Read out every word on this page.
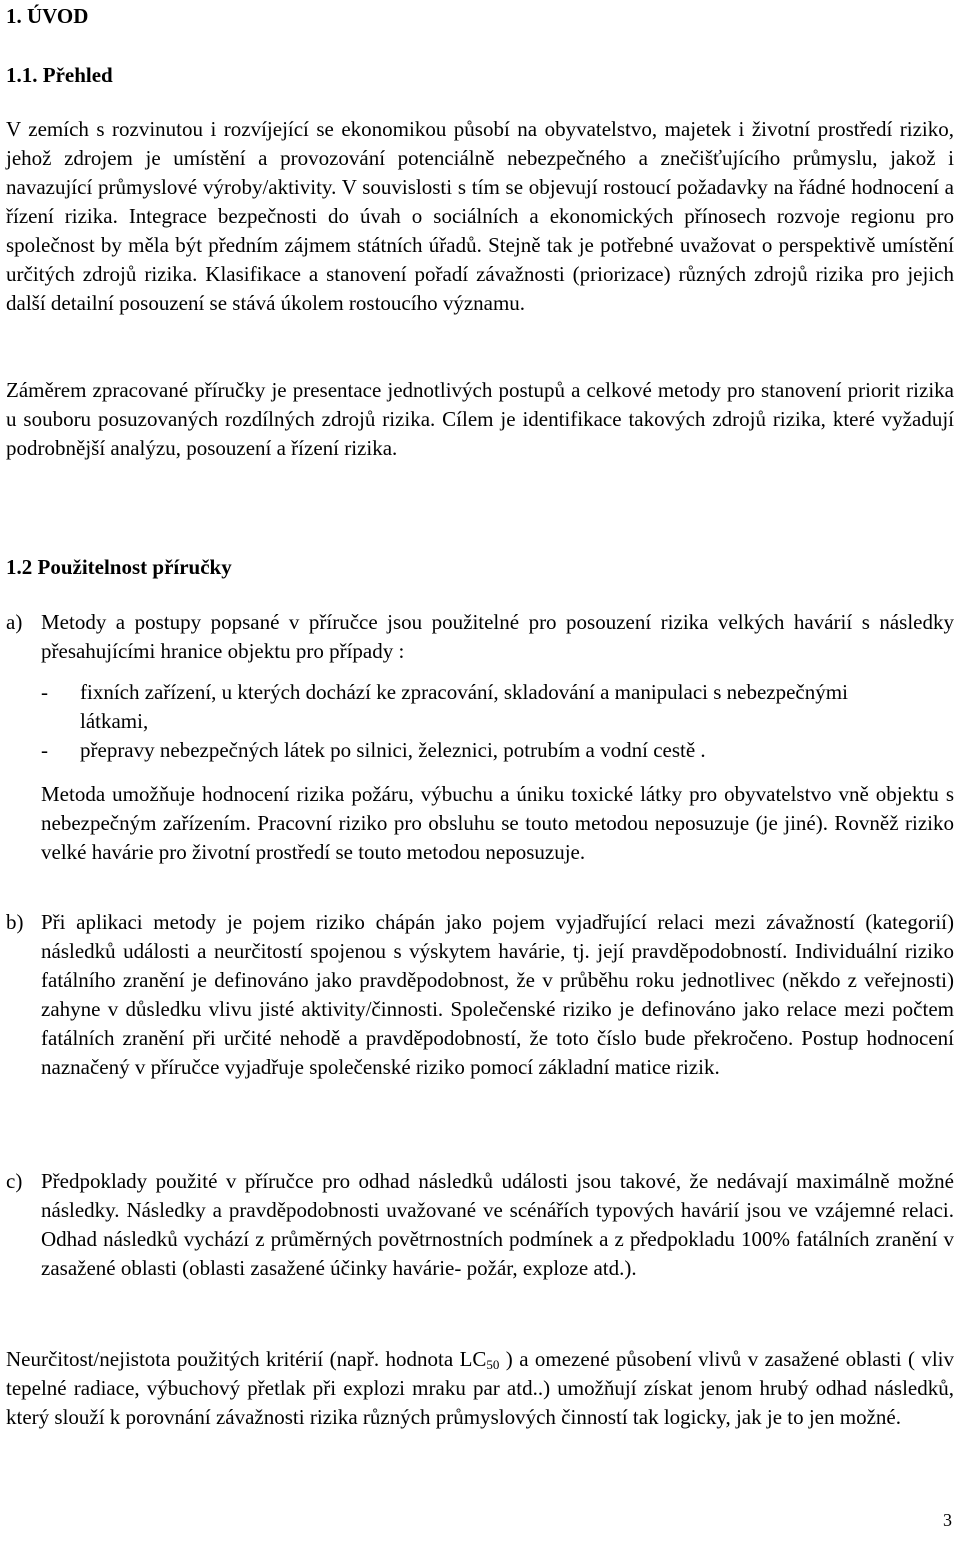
1. ÚVOD
1.1. Přehled

V zemích s rozvinutou i rozvíjející se ekonomikou působí na obyvatelstvo, majetek i životní prostředí riziko, jehož zdrojem je umístění a provozování potenciálně nebezpečného a znečišťujícího průmyslu, jakož i navazující průmyslové výroby/aktivity. V souvislosti s tím se objevují rostoucí požadavky na řádné hodnocení a řízení rizika. Integrace bezpečnosti do úvah o sociálních a ekonomických přínosech rozvoje regionu pro společnost by měla být předním zájmem státních úřadů. Stejně tak je potřebné uvažovat o perspektivě umístění určitých zdrojů rizika. Klasifikace a stanovení pořadí závažnosti (priorizace) různých zdrojů rizika pro jejich další detailní posouzení se stává úkolem rostoucího významu.

Záměrem zpracované příručky je presentace jednotlivých postupů a celkové metody pro stanovení priorit rizika u souboru posuzovaných rozdílných zdrojů rizika. Cílem je identifikace takových zdrojů rizika, které vyžadují podrobnější analýzu, posouzení a řízení rizika.

1.2 Použitelnost příručky
a) Metody a postupy popsané v příručce jsou použitelné pro posouzení rizika velkých havárií s následky přesahujícími hranice objektu pro případy :

- fixních zařízení, u kterých dochází ke zpracování, skladování a manipulaci s nebezpečnými látkami,

- přepravy nebezpečných látek po silnici, železnici, potrubím a vodní cestě .

Metoda umožňuje hodnocení rizika požáru, výbuchu a úniku toxické látky pro obyvatelstvo vně objektu s nebezpečným zařízením. Pracovní riziko pro obsluhu se touto metodou neposuzuje (je jiné). Rovněž riziko velké havárie pro životní prostředí se touto metodou neposuzuje.

b) Při aplikaci metody je pojem riziko chápán jako pojem vyjadřující relaci mezi závažností (kategorií) následků události a neurčitostí spojenou s výskytem havárie, tj. její pravděpodobností. Individuální riziko fatálního zranění je definováno jako pravděpodobnost, že v průběhu roku jednotlivec (někdo z veřejnosti) zahyne v důsledku vlivu jisté aktivity/činnosti. Společenské riziko je definováno jako relace mezi počtem fatálních zranění při určité nehodě a pravděpodobností, že toto číslo bude překročeno. Postup hodnocení naznačený v příručce vyjadřuje společenské riziko pomocí základní matice rizik.

c) Předpoklady použité v příručce pro odhad následků události jsou takové, že nedávají maximálně možné následky. Následky a pravděpodobnosti uvažované ve scénářích typových havárií jsou ve vzájemné relaci. Odhad následků vychází z průměrných povětrnostních podmínek a z předpokladu 100% fatálních zranění v zasažené oblasti (oblasti zasažené účinky havárie- požár, exploze atd.).

Neurčitost/nejistota použitých kritérií (např. hodnota $LC_{50}$ ) a omezené působení vlivů v zasažené oblasti ( vliv tepelné radiace, výbuchový přetlak při explozi mraku par atd..) umožňují získat jenom hrubý odhad následků, který slouží k porovnání závažnosti rizika různých průmyslových činností tak logicky, jak je to jen možné.

3
